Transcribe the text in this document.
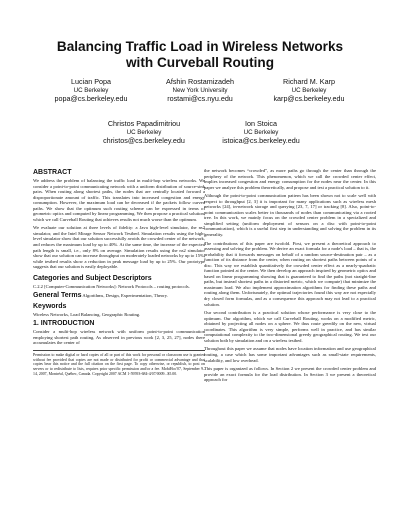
Balancing Traffic Load in Wireless Networks
with Curveball Routing
Lucian Popa
UC Berkeley
popa@cs.berkeley.edu
Afshin Rostamizadeh
New York University
rostami@cs.nyu.edu
Richard M. Karp
UC Berkeley
karp@cs.berkeley.edu
Christos Papadimitriou
UC Berkeley
christos@cs.berkeley.edu
Ion Stoica
UC Berkeley
istoica@cs.berkeley.edu
ABSTRACT

We address the problem of balancing the traffic load in multi-hop wireless networks. We consider a point-to-point communicating network with a uniform distribution of source-sink pairs. When routing along shortest paths, the nodes that are centrally located forward a disproportionate amount of traffic. This translates into increased congestion and energy consumption. However, the maximum load can be decreased if the packets follow curved paths. We show that the optimum such routing scheme can be expressed in terms of geometric optics and computed by linear programming. We then propose a practical solution, which we call Curveball Routing that achieves results not much worse than the optimum.

We evaluate our solution at three levels of fidelity: a Java high-level simulator, the ns2 simulator, and the Intel Mirage Sensor Network Testbed. Simulation results using the high-level simulator show that our solution successfully avoids the crowded center of the network, and reduces the maximum load by up to 40%. At the same time, the increase of the expected path length is small, i.e., only 8% on average. Simulation results using the ns2 simulator show that our solution can increase throughput on moderately loaded networks by up to 15%, while testbed results show a reduction in peak message load by up to 25%. Our prototype suggests that our solution is easily deployable.

Categories and Subject Descriptors

C.2.2 [Computer-Communication Networks]: Network Protocols – routing protocols.

General Terms Algorithms, Design, Experimentation, Theory.

Keywords

Wireless Networks, Load Balancing, Geographic Routing.

1. INTRODUCTION

Consider a multi-hop wireless network with uniform point-to-point communication employing shortest path routing. As observed in previous work [2, 3, 25, 27], nodes there accumulates the center of

Permission to make digital or hard copies of all or part of this work for personal or classroom use is granted without fee provided that copies are not made or distributed for profit or commercial advantage and that copies bear this notice and the full citation on the first page. To copy otherwise, or republish, to post on servers or to redistribute to lists, requires prior specific permission and/or a fee. MobiHoc'07, September 9–14, 2007, Montréal, Québec, Canada. Copyright 2007 ACM 1-59593-684-4/07/0009...$5.00.

the network becomes “crowded”, as more paths go through the center than through the periphery of the network. This phenomenon, which we call the crowded center effect, implies increased congestion and energy consumption for the nodes near the center. In this paper we analyze this problem theoretically, and propose and test a practical solution to it.

Although the point-to-point communication pattern has been shown not to scale well with respect to throughput [2, 3] it is important for many applications such as wireless mesh networks [24], in-network storage and querying [23, 7, 17] or tracking [8]. Also, point-to-point communication scales better in thousands of nodes than communicating via a rooted tree. In this work, we mainly focus on the crowded center problem in a specialized and simplified setting (uniform deployment of sensors on a disc with point-to-point communication), which is a useful first step in understanding and solving the problem in its generality.

The contributions of this paper are twofold. First, we present a theoretical approach to assessing and solving the problem. We derive an exact formula for a node's load – that is, the probability that it forwards messages on behalf of a random source-destination pair – as a function of its distance from the center, when routing on shortest paths between points of a disc. This way we establish quantitatively the crowded center effect as a nearly-quadratic function pointed at the center. We then develop an approach inspired by geometric optics and based on linear programming showing that is guaranteed to find the paths (not straight-line paths, but instead shortest paths in a distorted metric, which we compute) that minimize the maximum load. We also implement approximation algorithms for finding these paths and routing along them. Unfortunately, the optimal trajectories found this way are not especially dry closed form formulas, and as a consequence this approach may not lead to a practical solution.

Our second contribution is a practical solution whose performance is very close to the optimum. Our algorithm, which we call Curveball Routing, works on a modified metric, obtained by projecting all nodes on a sphere. We thus route greedily on the new, virtual coordinates. This algorithm is very simple, performs well in practice, and has similar computational complexity to the two-dimensional greedy geographical routing. We test our solution both by simulation and on a wireless testbed.

Throughout this paper we assume that nodes have location information and use geographical routing, a case which has some important advantages such as small-state requirements, scalability, and low overhead.

This paper is organized as follows. In Section 2 we present the crowded center problem and provide an exact formula for the load distribution. In Section 3 we present a theoretical approach for
